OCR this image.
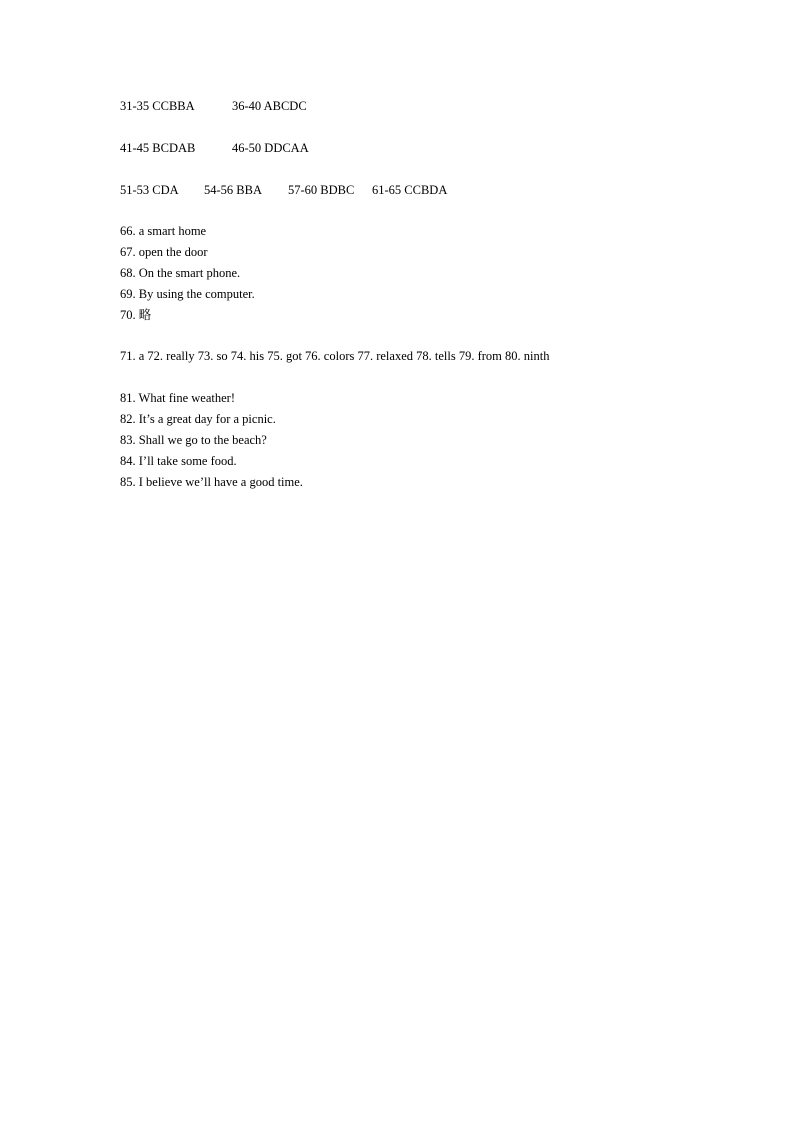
31-35 CCBBA	36-40 ABCDC
41-45 BCDAB	46-50 DDCAA
51-53 CDA 54-56 BBA 57-60 BDBC 61-65 CCBDA
66. a smart home
67. open the door
68. On the smart phone.
69. By using the computer.
70. 略
71. a 72. really 73. so 74. his 75. got 76. colors 77. relaxed 78. tells 79. from 80. ninth
81. What fine weather!
82. It’s a great day for a picnic.
83. Shall we go to the beach?
84. I’ll take some food.
85. I believe we’ll have a good time.
